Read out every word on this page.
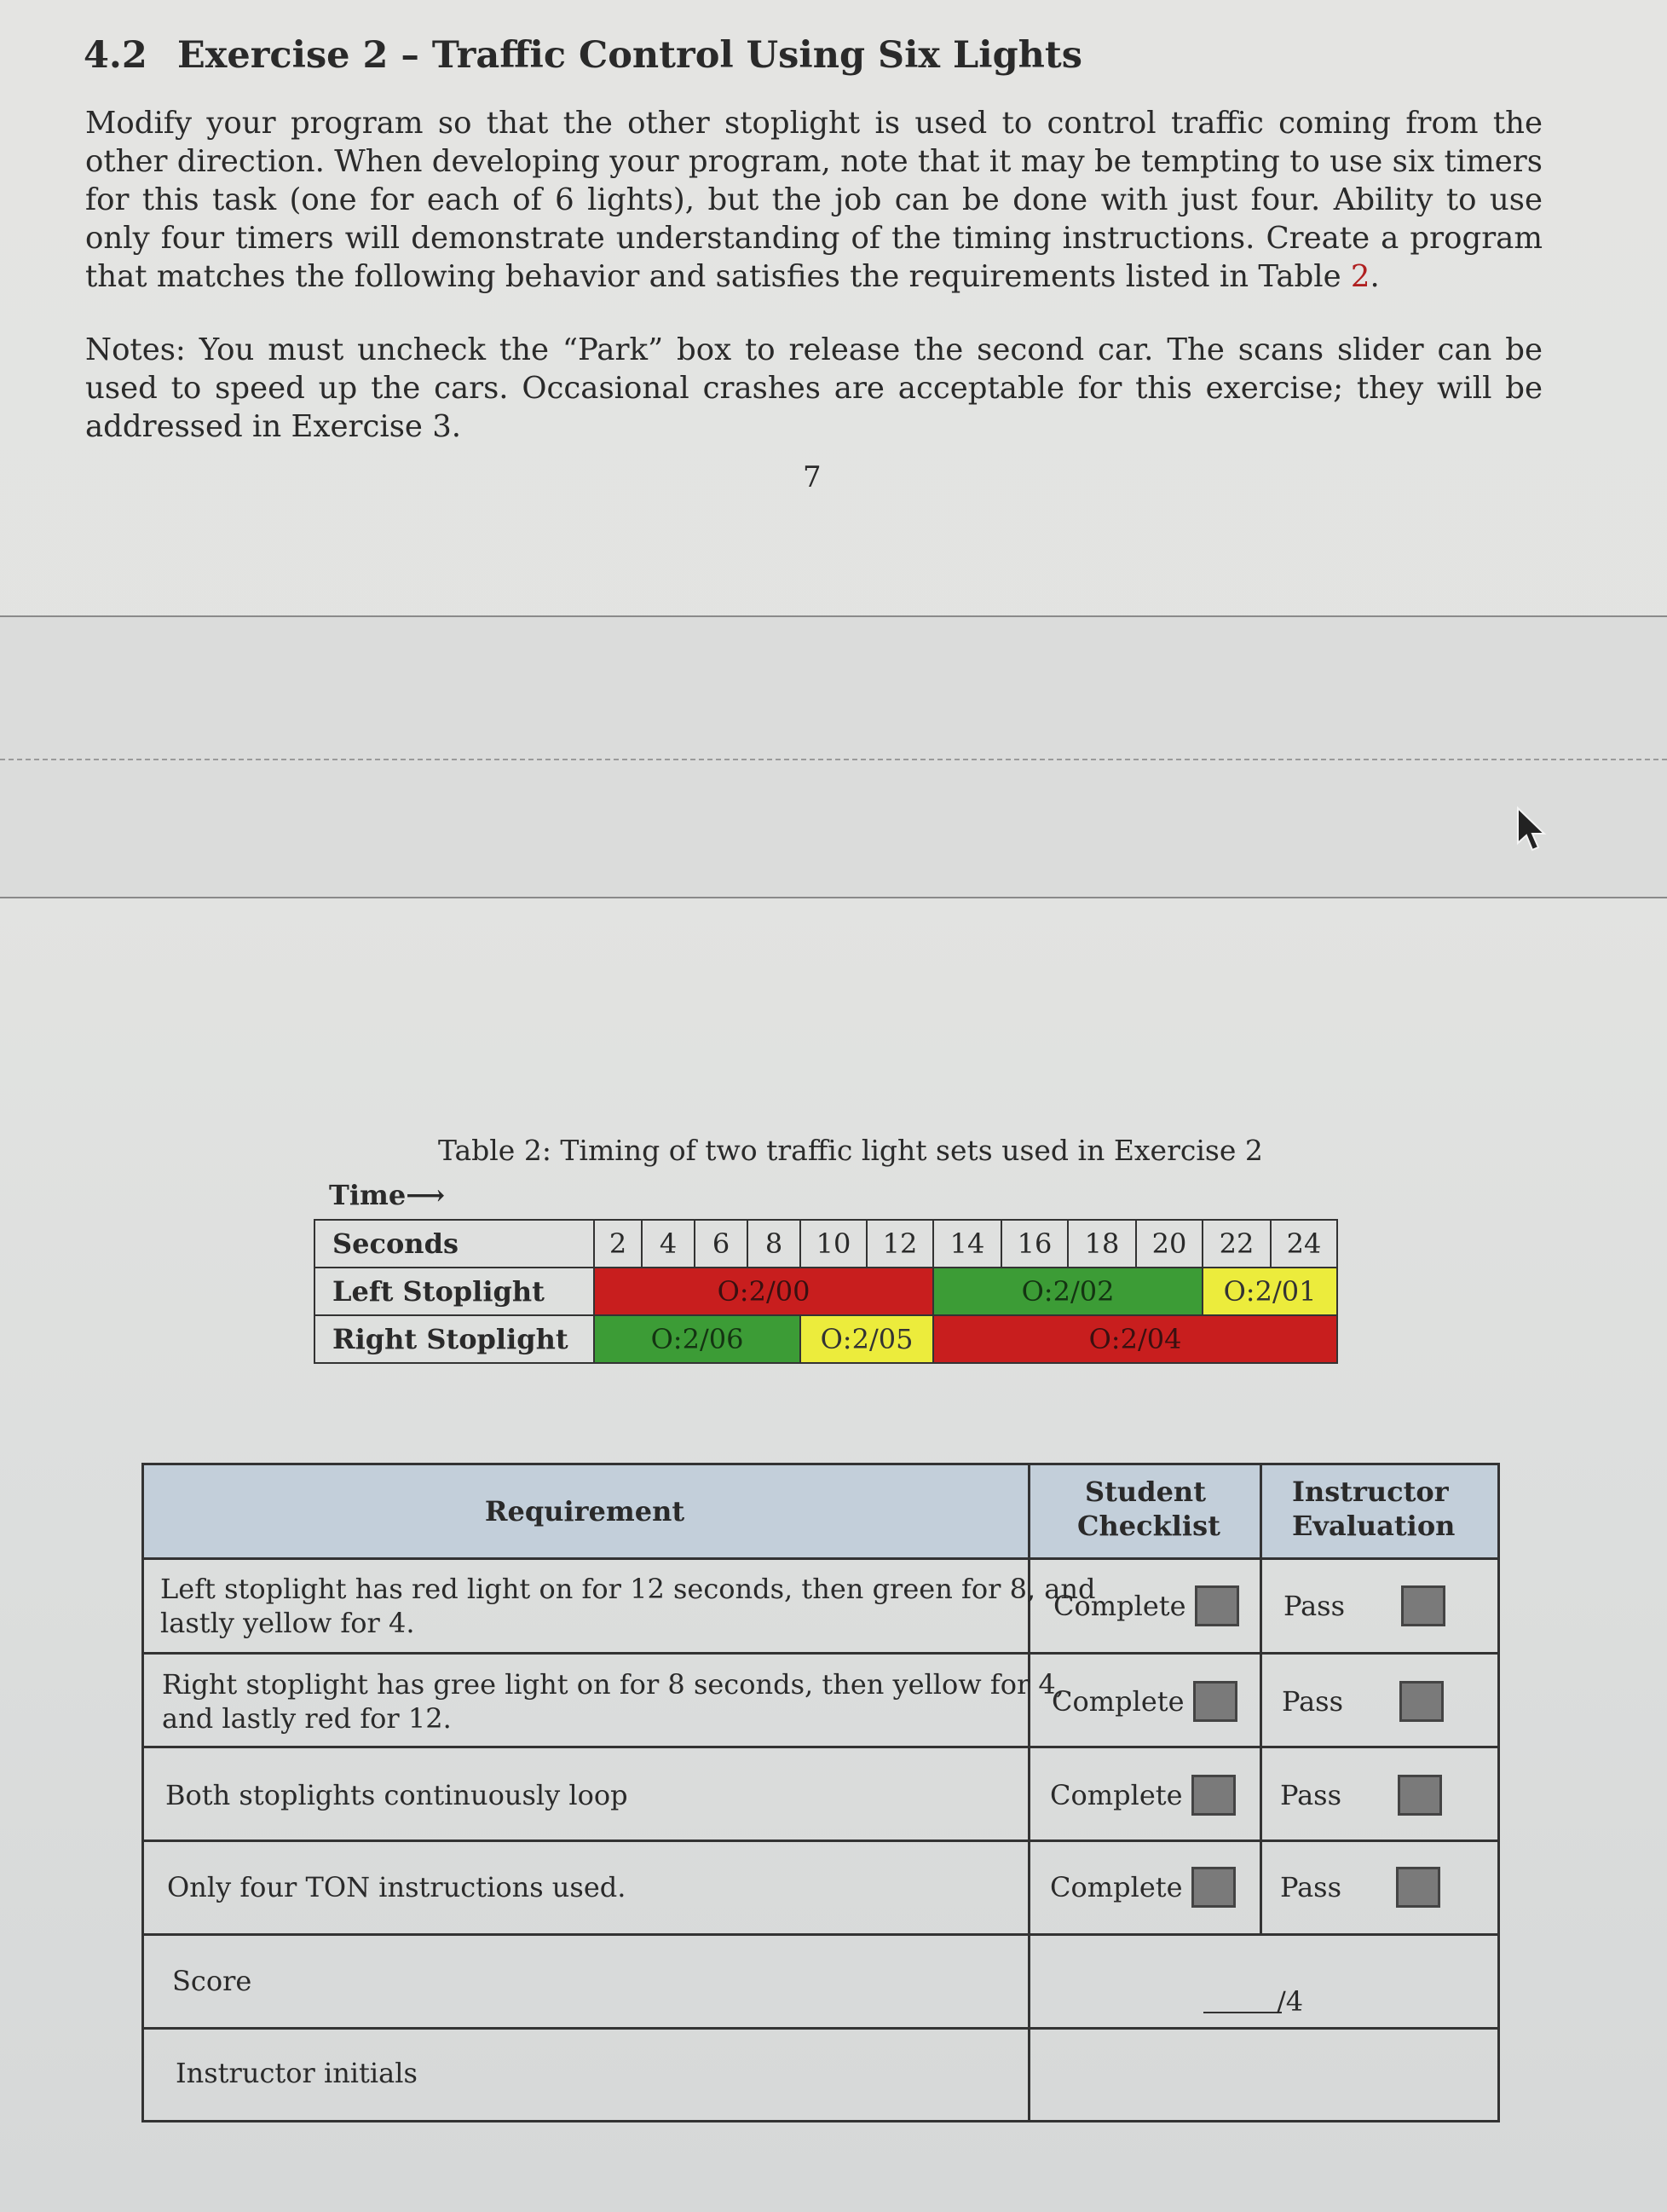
4.2 Exercise 2 – Traffic Control Using Six Lights
Modify your program so that the other stoplight is used to control traffic coming from the other direction. When developing your program, note that it may be tempting to use six timers for this task (one for each of 6 lights), but the job can be done with just four. Ability to use only four timers will demonstrate understanding of the timing instructions. Create a program that matches the following behavior and satisfies the requirements listed in Table 2.
Notes: You must uncheck the “Park” box to release the second car. The scans slider can be used to speed up the cars. Occasional crashes are acceptable for this exercise; they will be addressed in Exercise 3.
7
Table 2: Timing of two traffic light sets used in Exercise 2
Time⟶
Seconds	2	4	6	8	10	12	14	16	18	20	22	24
Left Stoplight	O:2/00						O:2/02				O:2/01	
Right Stoplight	O:2/06				O:2/05		O:2/04					
Requirement
Student Checklist
Instructor Evaluation
Left stoplight has red light on for 12 seconds, then green for 8, and
lastly yellow for 4.
Complete	Pass
Right stoplight has gree light on for 8 seconds, then yellow for 4,
and lastly red for 12.
Complete	Pass
Both stoplights continuously loop	Complete	Pass
Only four TON instructions used.	Complete	Pass
Score
/4
Instructor initials
